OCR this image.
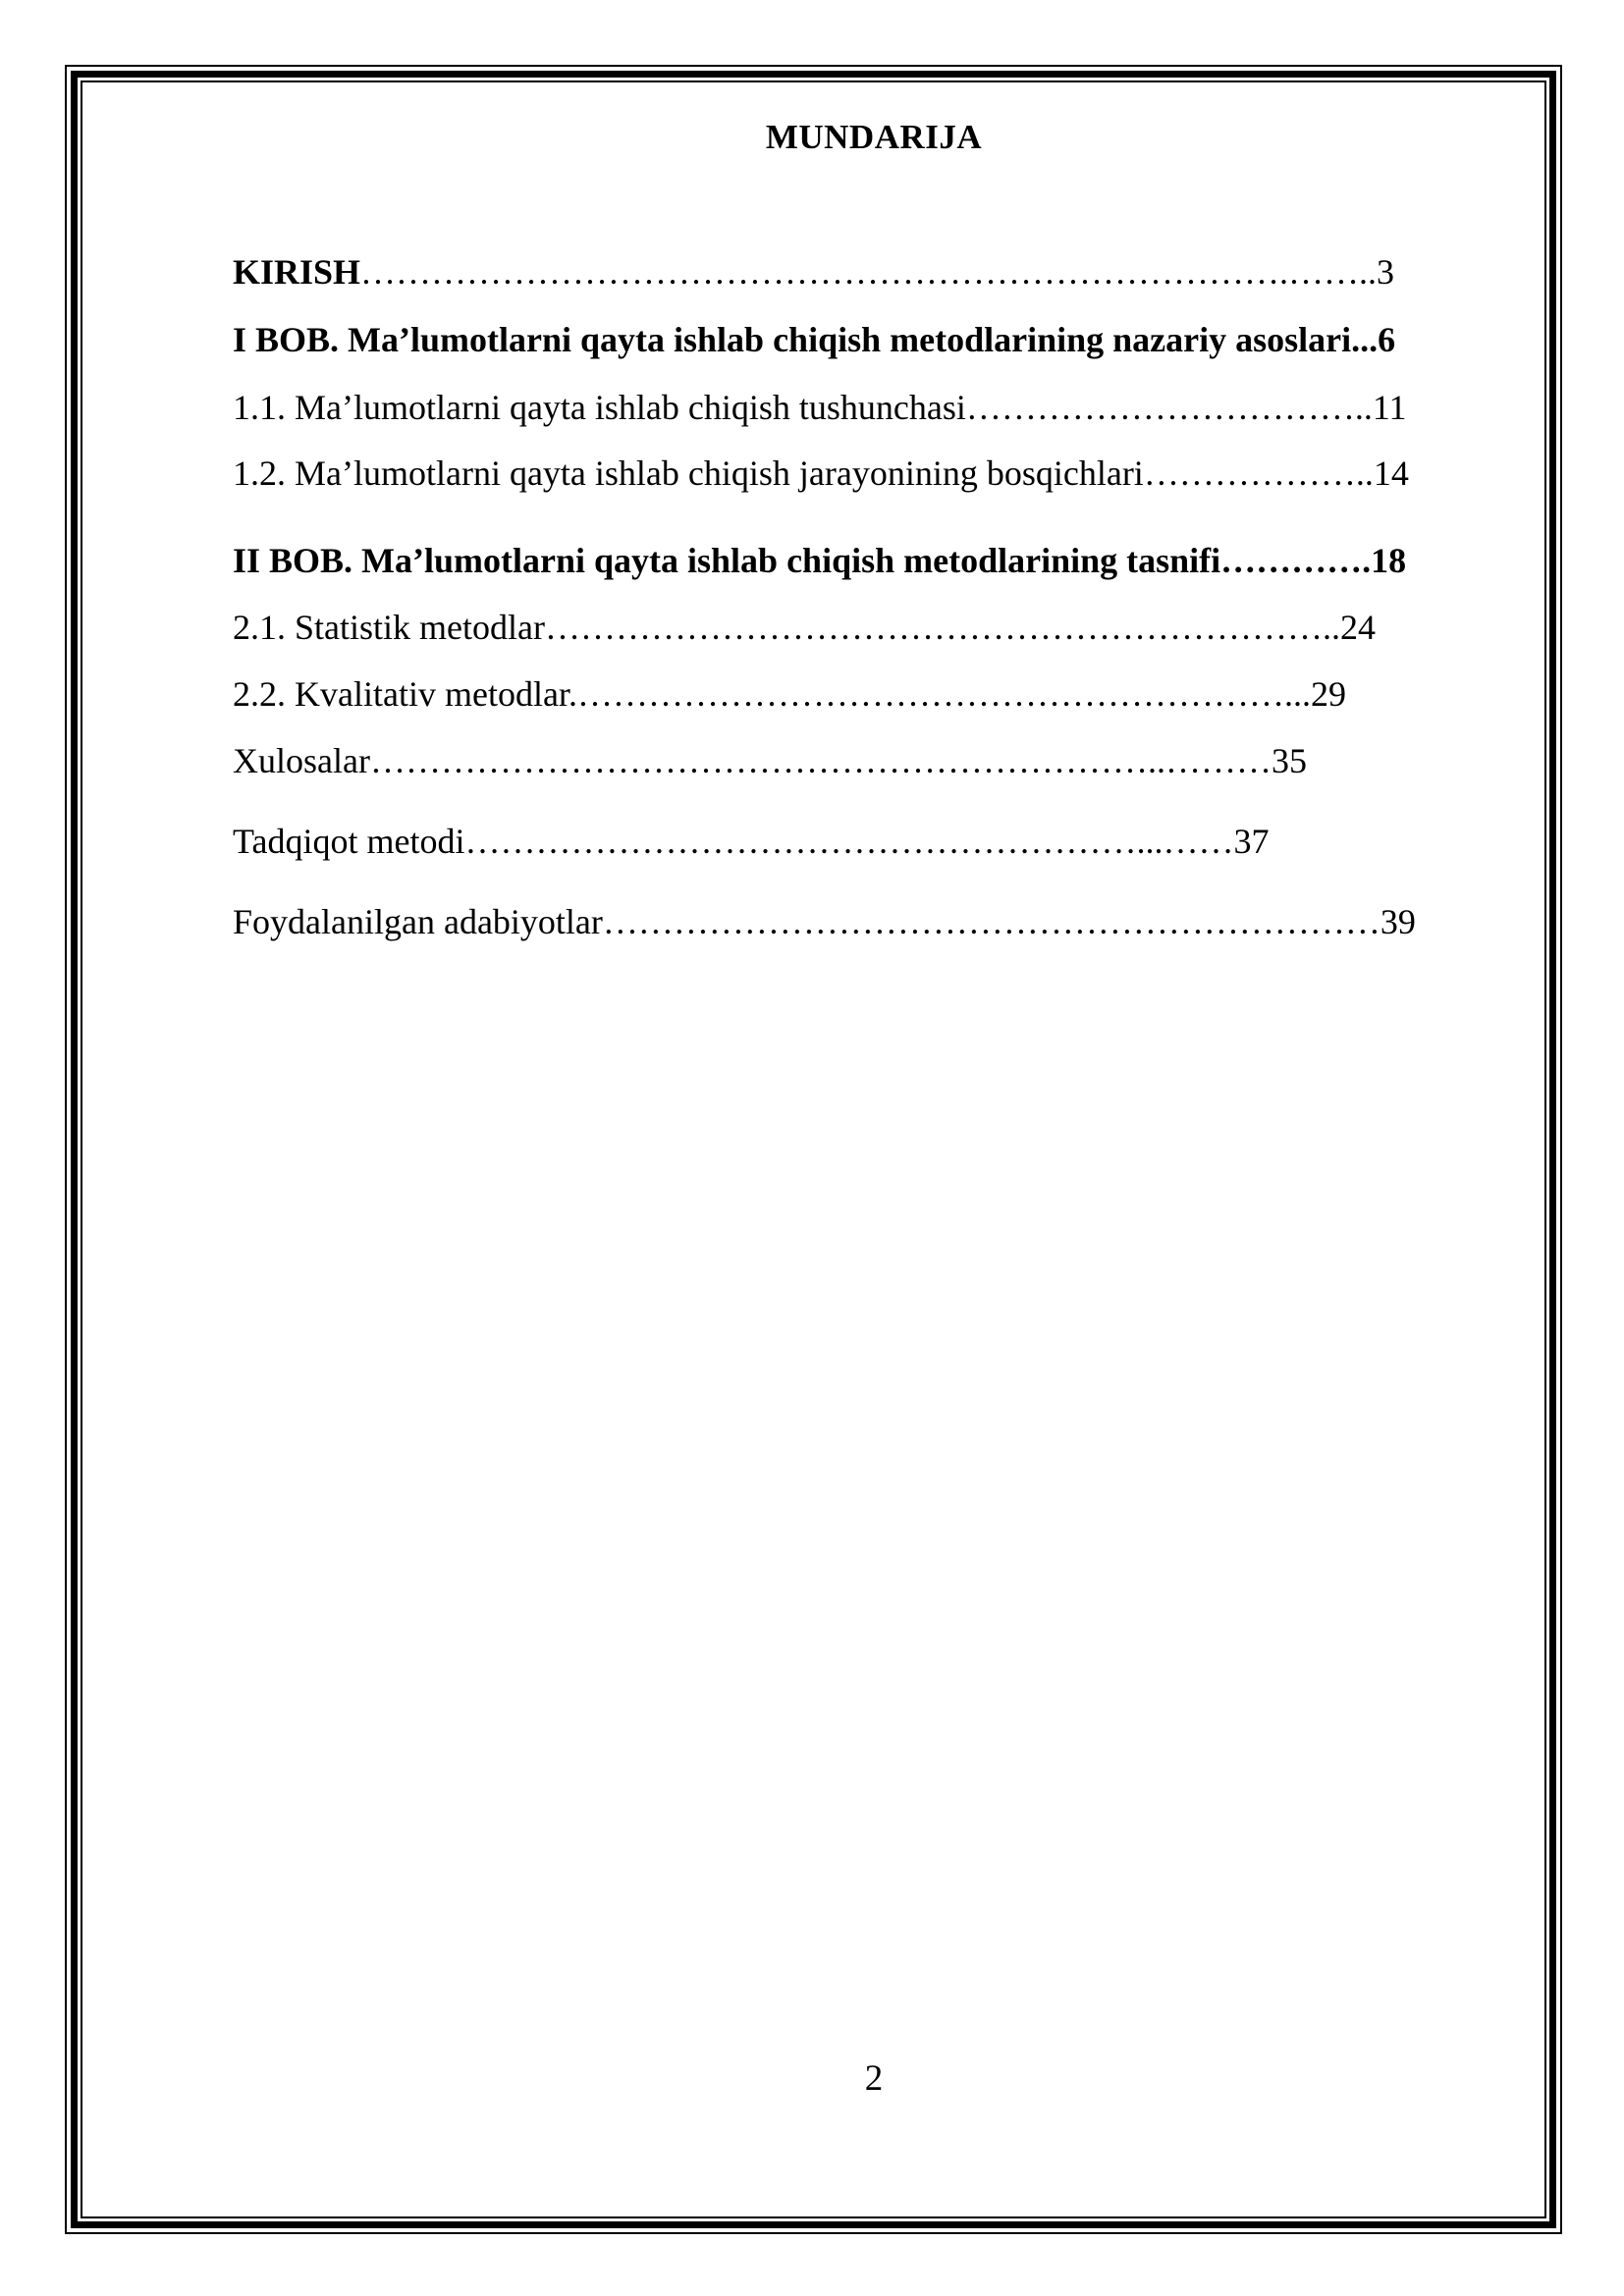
MUNDARIJA
KIRISH…………………………………………………………………….……..3
I BOB. Ma’lumotlarni qayta ishlab chiqish metodlarining nazariy asoslari...6
1.1. Ma’lumotlarni qayta ishlab chiqish tushunchasi……………………………..11
1.2. Ma’lumotlarni qayta ishlab chiqish jarayonining bosqichlari………………..14
II BOB. Ma’lumotlarni qayta ishlab chiqish metodlarining tasnifi………….18
2.1. Statistik metodlar…………………………………………………………..24
2.2. Kvalitativ metodlar.……………………………………………………...29
Xulosalar…………………………………………………………..………35
Tadqiqot metodi…………………………………………………...……37
Foydalanilgan adabiyotlar…………………………………………………………39
2
